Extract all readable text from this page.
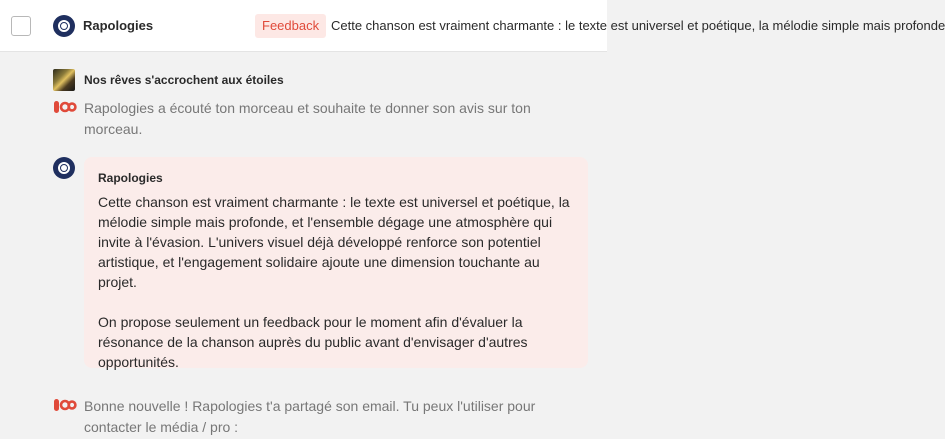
Rapologies	Feedback Cette chanson est vraiment charmante : le texte est universel et poétique, la mélodie simple mais profonde
Nos rêves s'accrochent aux étoiles
Rapologies a écouté ton morceau et souhaite te donner son avis sur ton morceau.
Rapologies

Cette chanson est vraiment charmante : le texte est universel et poétique, la mélodie simple mais profonde, et l'ensemble dégage une atmosphère qui invite à l'évasion. L'univers visuel déjà développé renforce son potentiel artistique, et l'engagement solidaire ajoute une dimension touchante au projet.

On propose seulement un feedback pour le moment afin d'évaluer la résonance de la chanson auprès du public avant d'envisager d'autres opportunités.

Bonne nouvelle ! Rapologies t'a partagé son email. Tu peux l'utiliser pour contacter le média / pro :
